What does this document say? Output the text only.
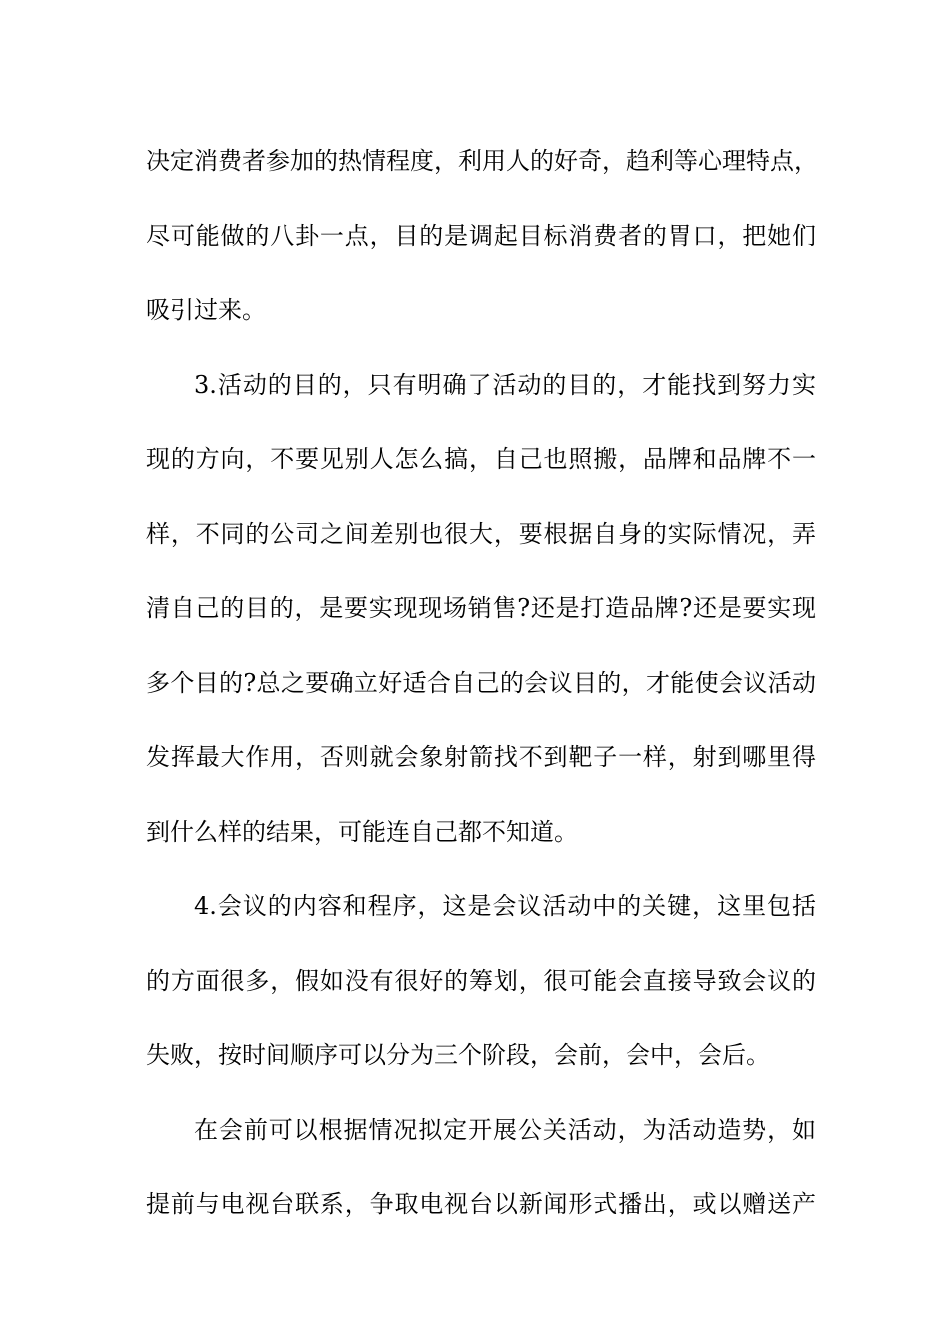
决定消费者参加的热情程度，利用人的好奇，趋利等心理特点，
尽可能做的八卦一点，目的是调起目标消费者的胃口，把她们
吸引过来。
3.活动的目的，只有明确了活动的目的，才能找到努力实
现的方向，不要见别人怎么搞，自己也照搬，品牌和品牌不一
样，不同的公司之间差别也很大，要根据自身的实际情况，弄
清自己的目的，是要实现现场销售?还是打造品牌?还是要实现
多个目的?总之要确立好适合自己的会议目的，才能使会议活动
发挥最大作用，否则就会象射箭找不到靶子一样，射到哪里得
到什么样的结果，可能连自己都不知道。
4.会议的内容和程序，这是会议活动中的关键，这里包括
的方面很多，假如没有很好的筹划，很可能会直接导致会议的
失败，按时间顺序可以分为三个阶段，会前，会中，会后。
在会前可以根据情况拟定开展公关活动，为活动造势，如
提前与电视台联系，争取电视台以新闻形式播出，或以赠送产
